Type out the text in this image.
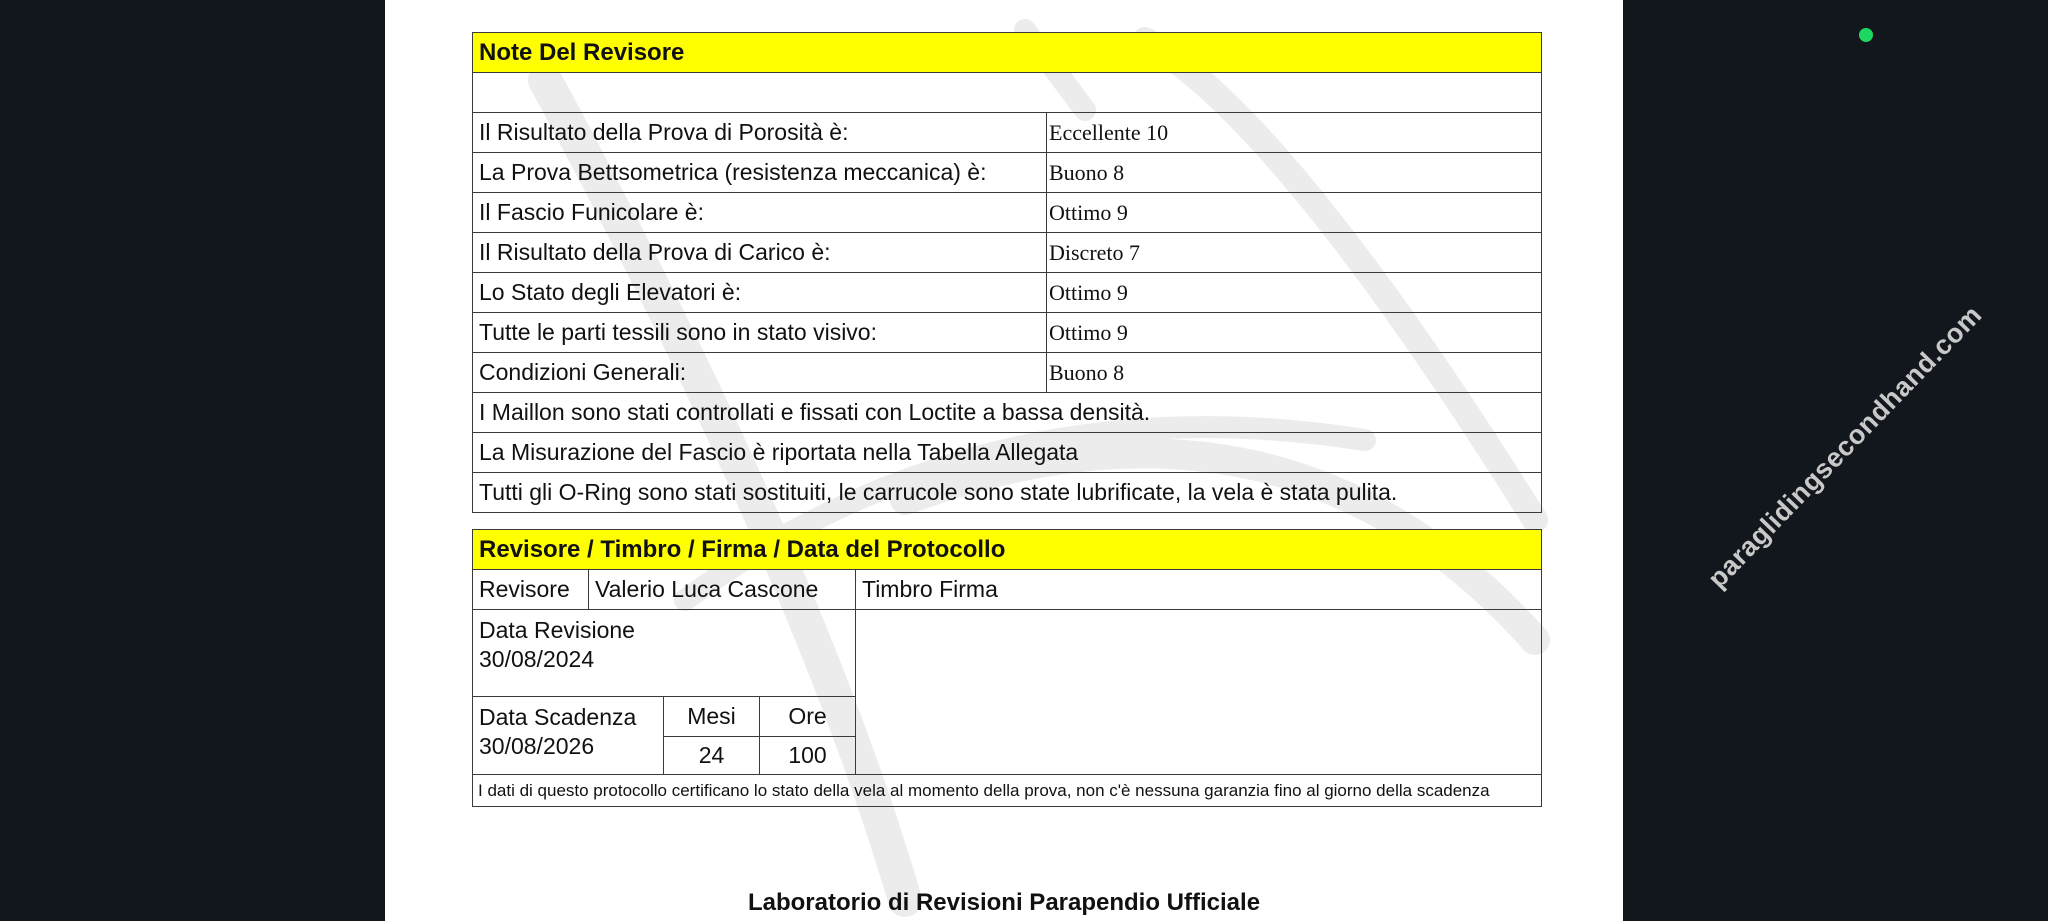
Note Del Revisore	

Il Risultato della Prova di Porosità è:	Eccellente 10
La Prova Bettsometrica (resistenza meccanica) è:	Buono 8
Il Fascio Funicolare è:	Ottimo 9
Il Risultato della Prova di Carico è:	Discreto 7
Lo Stato degli Elevatori è:	Ottimo 9
Tutte le parti tessili sono in stato visivo:	Ottimo 9
Condizioni Generali:	Buono 8
I Maillon sono stati controllati e fissati con Loctite a bassa densità.	
La Misurazione del Fascio è riportata nella Tabella Allegata	
Tutti gli O-Ring sono stati sostituiti, le carrucole sono state lubrificate, la vela è stata pulita.	
Revisore / Timbro / Firma / Data del Protocollo				
Revisore	Valerio Luca Cascone			Timbro Firma

Data Revisione
30/08/2024				

Data Scadenza
30/08/2026		Mesi	Ore	
		24	100	
I dati di questo protocollo certificano lo stato della vela al momento della prova, non c'è nessuna garanzia fino al giorno della scadenza				
Laboratorio di Revisioni Parapendio Ufficiale
paraglidingsecondhand.com
